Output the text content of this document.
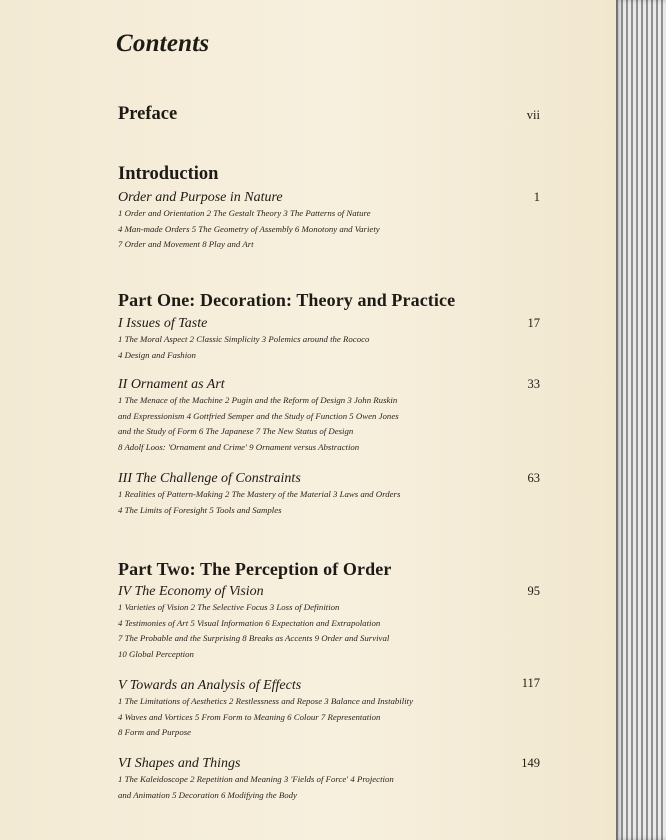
Contents
Preface	vii
Introduction
Order and Purpose in Nature	1
1 Order and Orientation 2 The Gestalt Theory 3 The Patterns of Nature
4 Man-made Orders 5 The Geometry of Assembly 6 Monotony and Variety
7 Order and Movement 8 Play and Art
Part One: Decoration: Theory and Practice
I Issues of Taste	17
1 The Moral Aspect 2 Classic Simplicity 3 Polemics around the Rococo
4 Design and Fashion
II Ornament as Art	33
1 The Menace of the Machine 2 Pugin and the Reform of Design 3 John Ruskin
and Expressionism 4 Gottfried Semper and the Study of Function 5 Owen Jones
and the Study of Form 6 The Japanese 7 The New Status of Design
8 Adolf Loos: 'Ornament and Crime' 9 Ornament versus Abstraction
III The Challenge of Constraints	63
1 Realities of Pattern-Making 2 The Mastery of the Material 3 Laws and Orders
4 The Limits of Foresight 5 Tools and Samples
Part Two: The Perception of Order
IV The Economy of Vision	95
1 Varieties of Vision 2 The Selective Focus 3 Loss of Definition
4 Testimonies of Art 5 Visual Information 6 Expectation and Extrapolation
7 The Probable and the Surprising 8 Breaks as Accents 9 Order and Survival
10 Global Perception
V Towards an Analysis of Effects	117
1 The Limitations of Aesthetics 2 Restlessness and Repose 3 Balance and Instability
4 Waves and Vortices 5 From Form to Meaning 6 Colour 7 Representation
8 Form and Purpose
VI Shapes and Things	149
1 The Kaleidoscope 2 Repetition and Meaning 3 'Fields of Force' 4 Projection
and Animation 5 Decoration 6 Modifying the Body
